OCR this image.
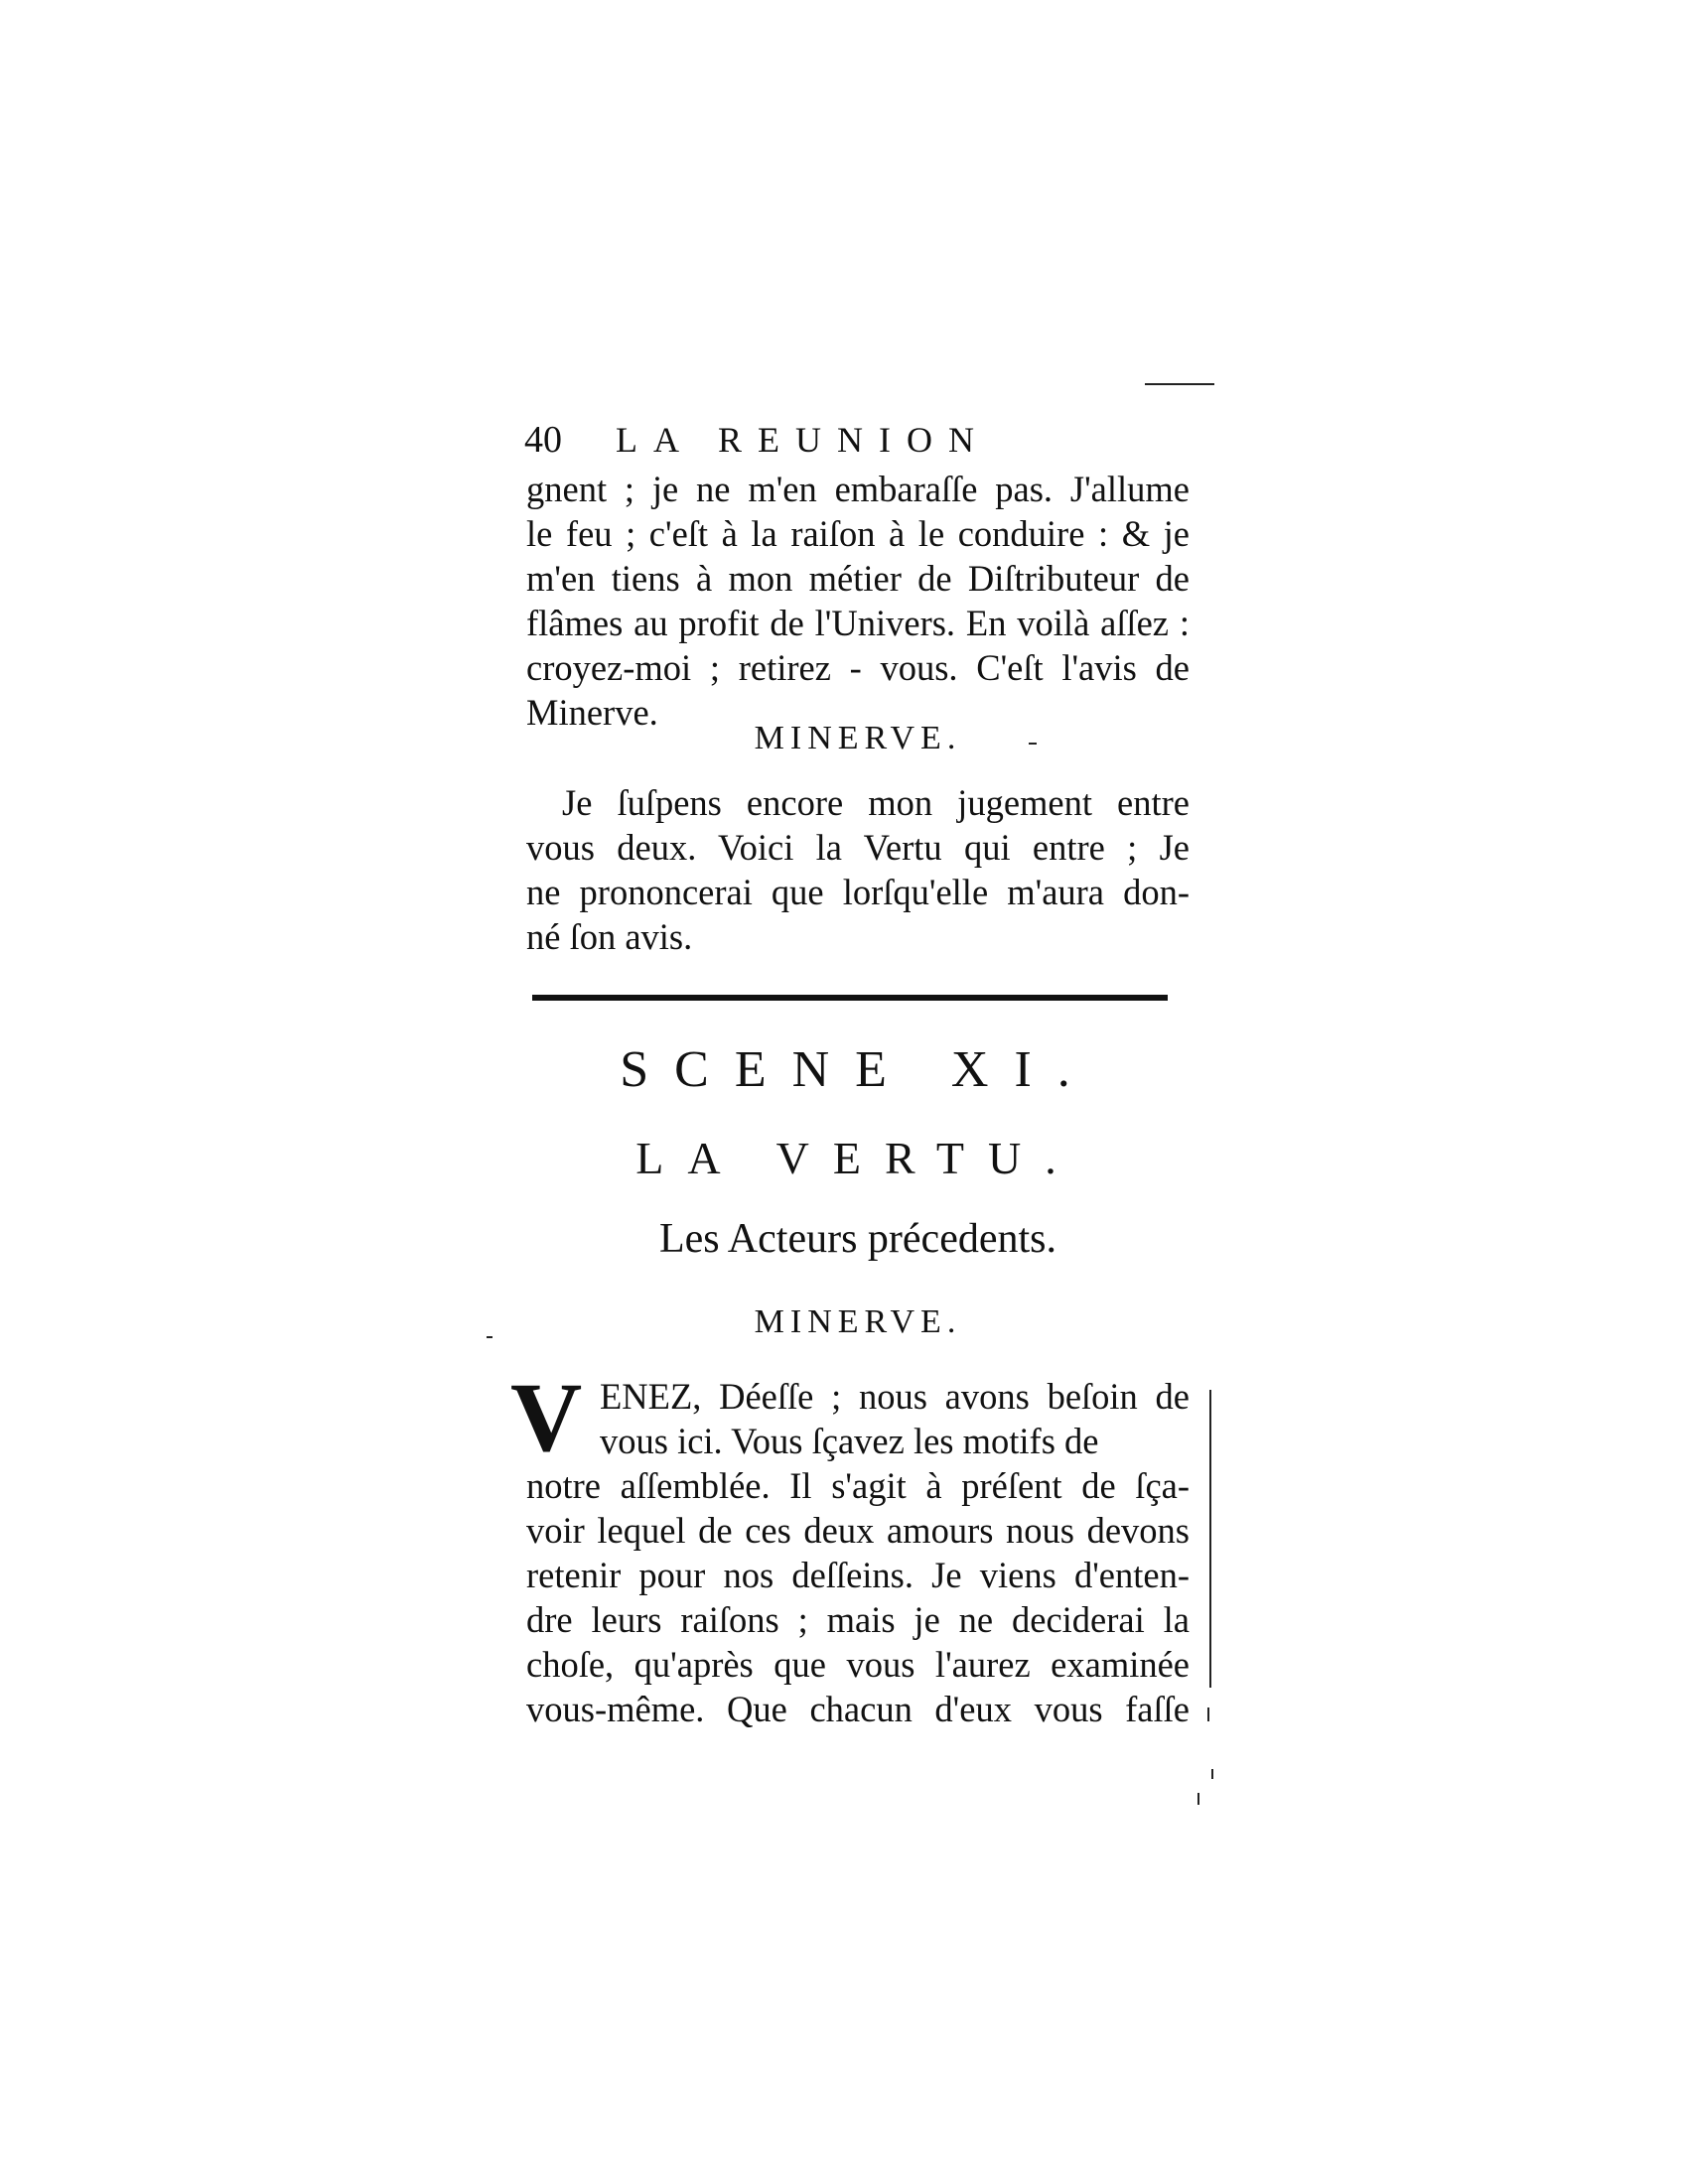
40 LA REUNION
gnent ; je ne m'en embaraſſe pas. J'allume
le feu ; c'eſt à la raiſon à le conduire : & je
m'en tiens à mon métier de Diſtributeur de
flâmes au profit de l'Univers. En voilà aſſez :
croyez-moi ; retirez - vous. C'eſt l'avis de
Minerve.
MINERVE.
Je ſuſpens encore mon jugement entre
vous deux. Voici la Vertu qui entre ; Je
ne prononcerai que lorſqu'elle m'aura don-
né ſon avis.
SCENE XI.
LA VERTU.
Les Acteurs précedents.
MINERVE.
V ENEZ, Déeſſe ; nous avons beſoin de
vous ici. Vous ſçavez les motifs de
notre aſſemblée. Il s'agit à préſent de ſça-
voir lequel de ces deux amours nous devons
retenir pour nos deſſeins. Je viens d'enten-
dre leurs raiſons ; mais je ne deciderai la
choſe, qu'après que vous l'aurez examinée
vous-même. Que chacun d'eux vous faſſe
